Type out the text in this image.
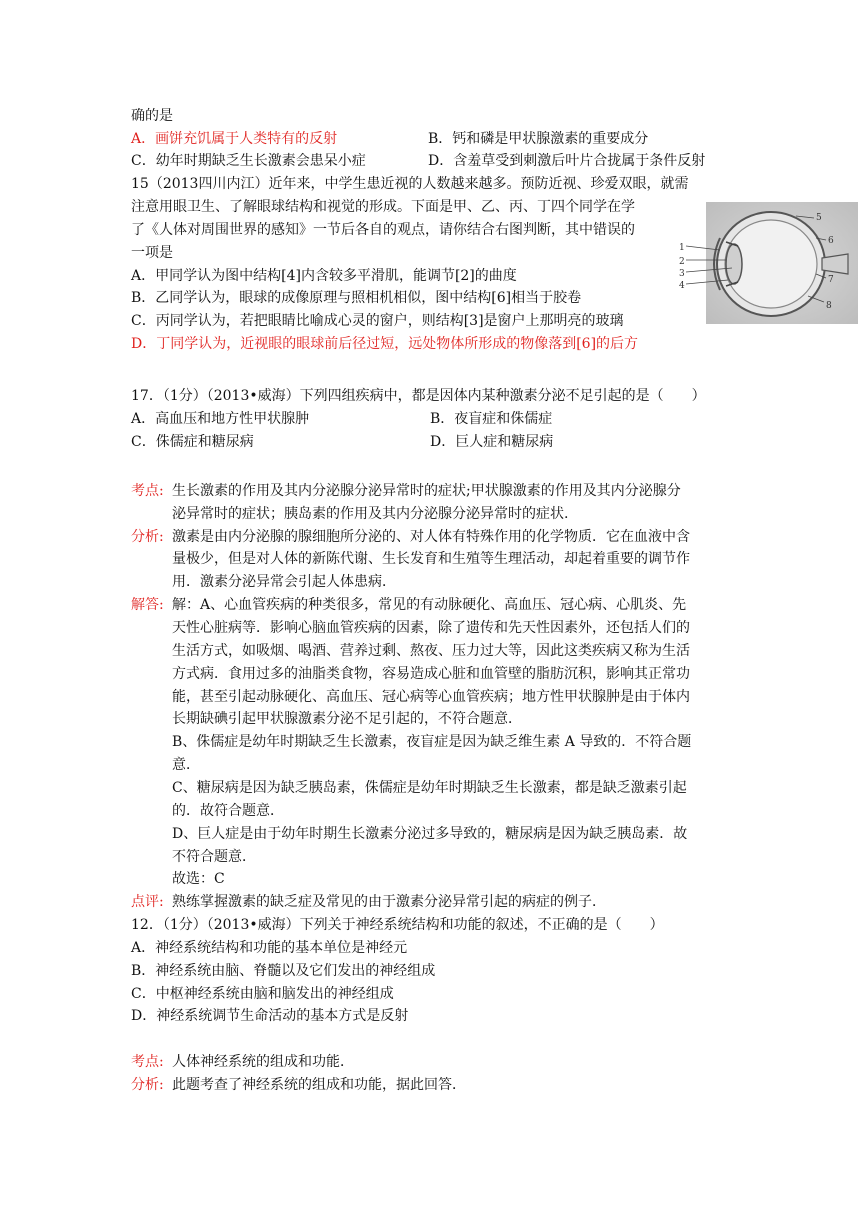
确的是
A．画饼充饥属于人类特有的反射	B．钙和磷是甲状腺激素的重要成分
C．幼年时期缺乏生长激素会患呆小症	D．含羞草受到刺激后叶片合拢属于条件反射
15（2013四川内江）近年来，中学生患近视的人数越来越多。预防近视、珍爱双眼，就需
注意用眼卫生、了解眼球结构和视觉的形成。下面是甲、乙、丙、丁四个同学在学
了《人体对周围世界的感知》一节后各自的观点，请你结合右图判断，其中错误的
一项是
A．甲同学认为图中结构[4]内含较多平滑肌，能调节[2]的曲度
B．乙同学认为，眼球的成像原理与照相机相似，图中结构[6]相当于胶卷
C．丙同学认为，若把眼睛比喻成心灵的窗户，则结构[3]是窗户上那明亮的玻璃
D．丁同学认为，近视眼的眼球前后径过短，远处物体所形成的物像落到[6]的后方
1
2
3
4
5
6
7
8
17．（1分）（2013•威海）下列四组疾病中，都是因体内某种激素分泌不足引起的是（　　）
A．高血压和地方性甲状腺肿	B．夜盲症和侏儒症
C．侏儒症和糖尿病	D．巨人症和糖尿病
考点: 生长激素的作用及其内分泌腺分泌异常时的症状;甲状腺激素的作用及其内分泌腺分
泌异常时的症状；胰岛素的作用及其内分泌腺分泌异常时的症状.
分析: 激素是由内分泌腺的腺细胞所分泌的、对人体有特殊作用的化学物质．它在血液中含
量极少，但是对人体的新陈代谢、生长发育和生殖等生理活动，却起着重要的调节作
用．激素分泌异常会引起人体患病．
解答: 解：A、心血管疾病的种类很多，常见的有动脉硬化、高血压、冠心病、心肌炎、先
天性心脏病等．影响心脑血管疾病的因素，除了遗传和先天性因素外，还包括人们的
生活方式，如吸烟、喝酒、营养过剩、熬夜、压力过大等，因此这类疾病又称为生活
方式病．食用过多的油脂类食物，容易造成心脏和血管壁的脂肪沉积，影响其正常功
能，甚至引起动脉硬化、高血压、冠心病等心血管疾病；地方性甲状腺肿是由于体内
长期缺碘引起甲状腺激素分泌不足引起的，不符合题意．
B、侏儒症是幼年时期缺乏生长激素，夜盲症是因为缺乏维生素 A 导致的．不符合题
意．
C、糖尿病是因为缺乏胰岛素，侏儒症是幼年时期缺乏生长激素，都是缺乏激素引起
的．故符合题意．
D、巨人症是由于幼年时期生长激素分泌过多导致的，糖尿病是因为缺乏胰岛素．故
不符合题意．
故选：C
点评: 熟练掌握激素的缺乏症及常见的由于激素分泌异常引起的病症的例子．
12．（1分）（2013•威海）下列关于神经系统结构和功能的叙述，不正确的是（　　）
A．神经系统结构和功能的基本单位是神经元
B．神经系统由脑、脊髓以及它们发出的神经组成
C．中枢神经系统由脑和脑发出的神经组成
D．神经系统调节生命活动的基本方式是反射
考点: 人体神经系统的组成和功能．
分析: 此题考查了神经系统的组成和功能，据此回答．
